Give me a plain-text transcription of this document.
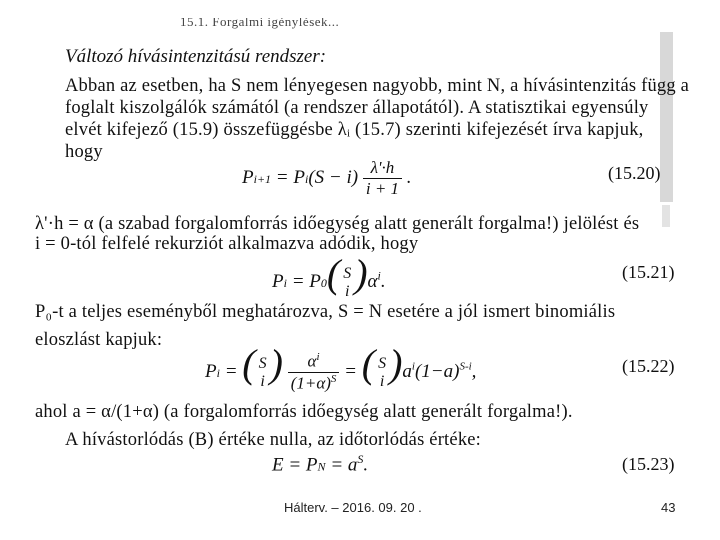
$^{15.1. Forgalmi igénylések...}$
Változó hívásintenzitású rendszer:
Abban az esetben, ha S nem lényegesen nagyobb, mint N, a hívásintenzitás függ a
foglalt kiszolgálók számától (a rendszer állapotától). A statisztikai egyensúly
elvét kifejező (15.9) összefüggésbe λᵢ (15.7) szerinti kifejezését írva kapjuk,
hogy
$Pi+1 = Pi(S - i) \frac{\lambda'\cdot h}{i + 1}$ .	(15.20)
λ'·h = α (a szabad forgalomforrás időegység alatt generált forgalma!) jelölést és
i = 0-tól felfelé rekurziót alkalmazva adódik, hogy
Pi = P0( S
i )$\alpha^i$.	(15.21)
P₀-t a teljes eseményből meghatározva, S = N esetére a jól ismert binomiális
eloszlást kapjuk:
Pi = ( S
i ) $\frac{\alpha^i}{(1+\alpha)^S}$ = ( S
i )$a^i(1-a)^{S-i}$,	(15.22)
ahol a = α/(1+α) (a forgalomforrás időegység alatt generált forgalma!).
A hívástorlódás (B) értéke nulla, az időtorlódás értéke:
E = PN = $a^S$.	(15.23)
Hálterv. – 2016. 09. 20 .	43
